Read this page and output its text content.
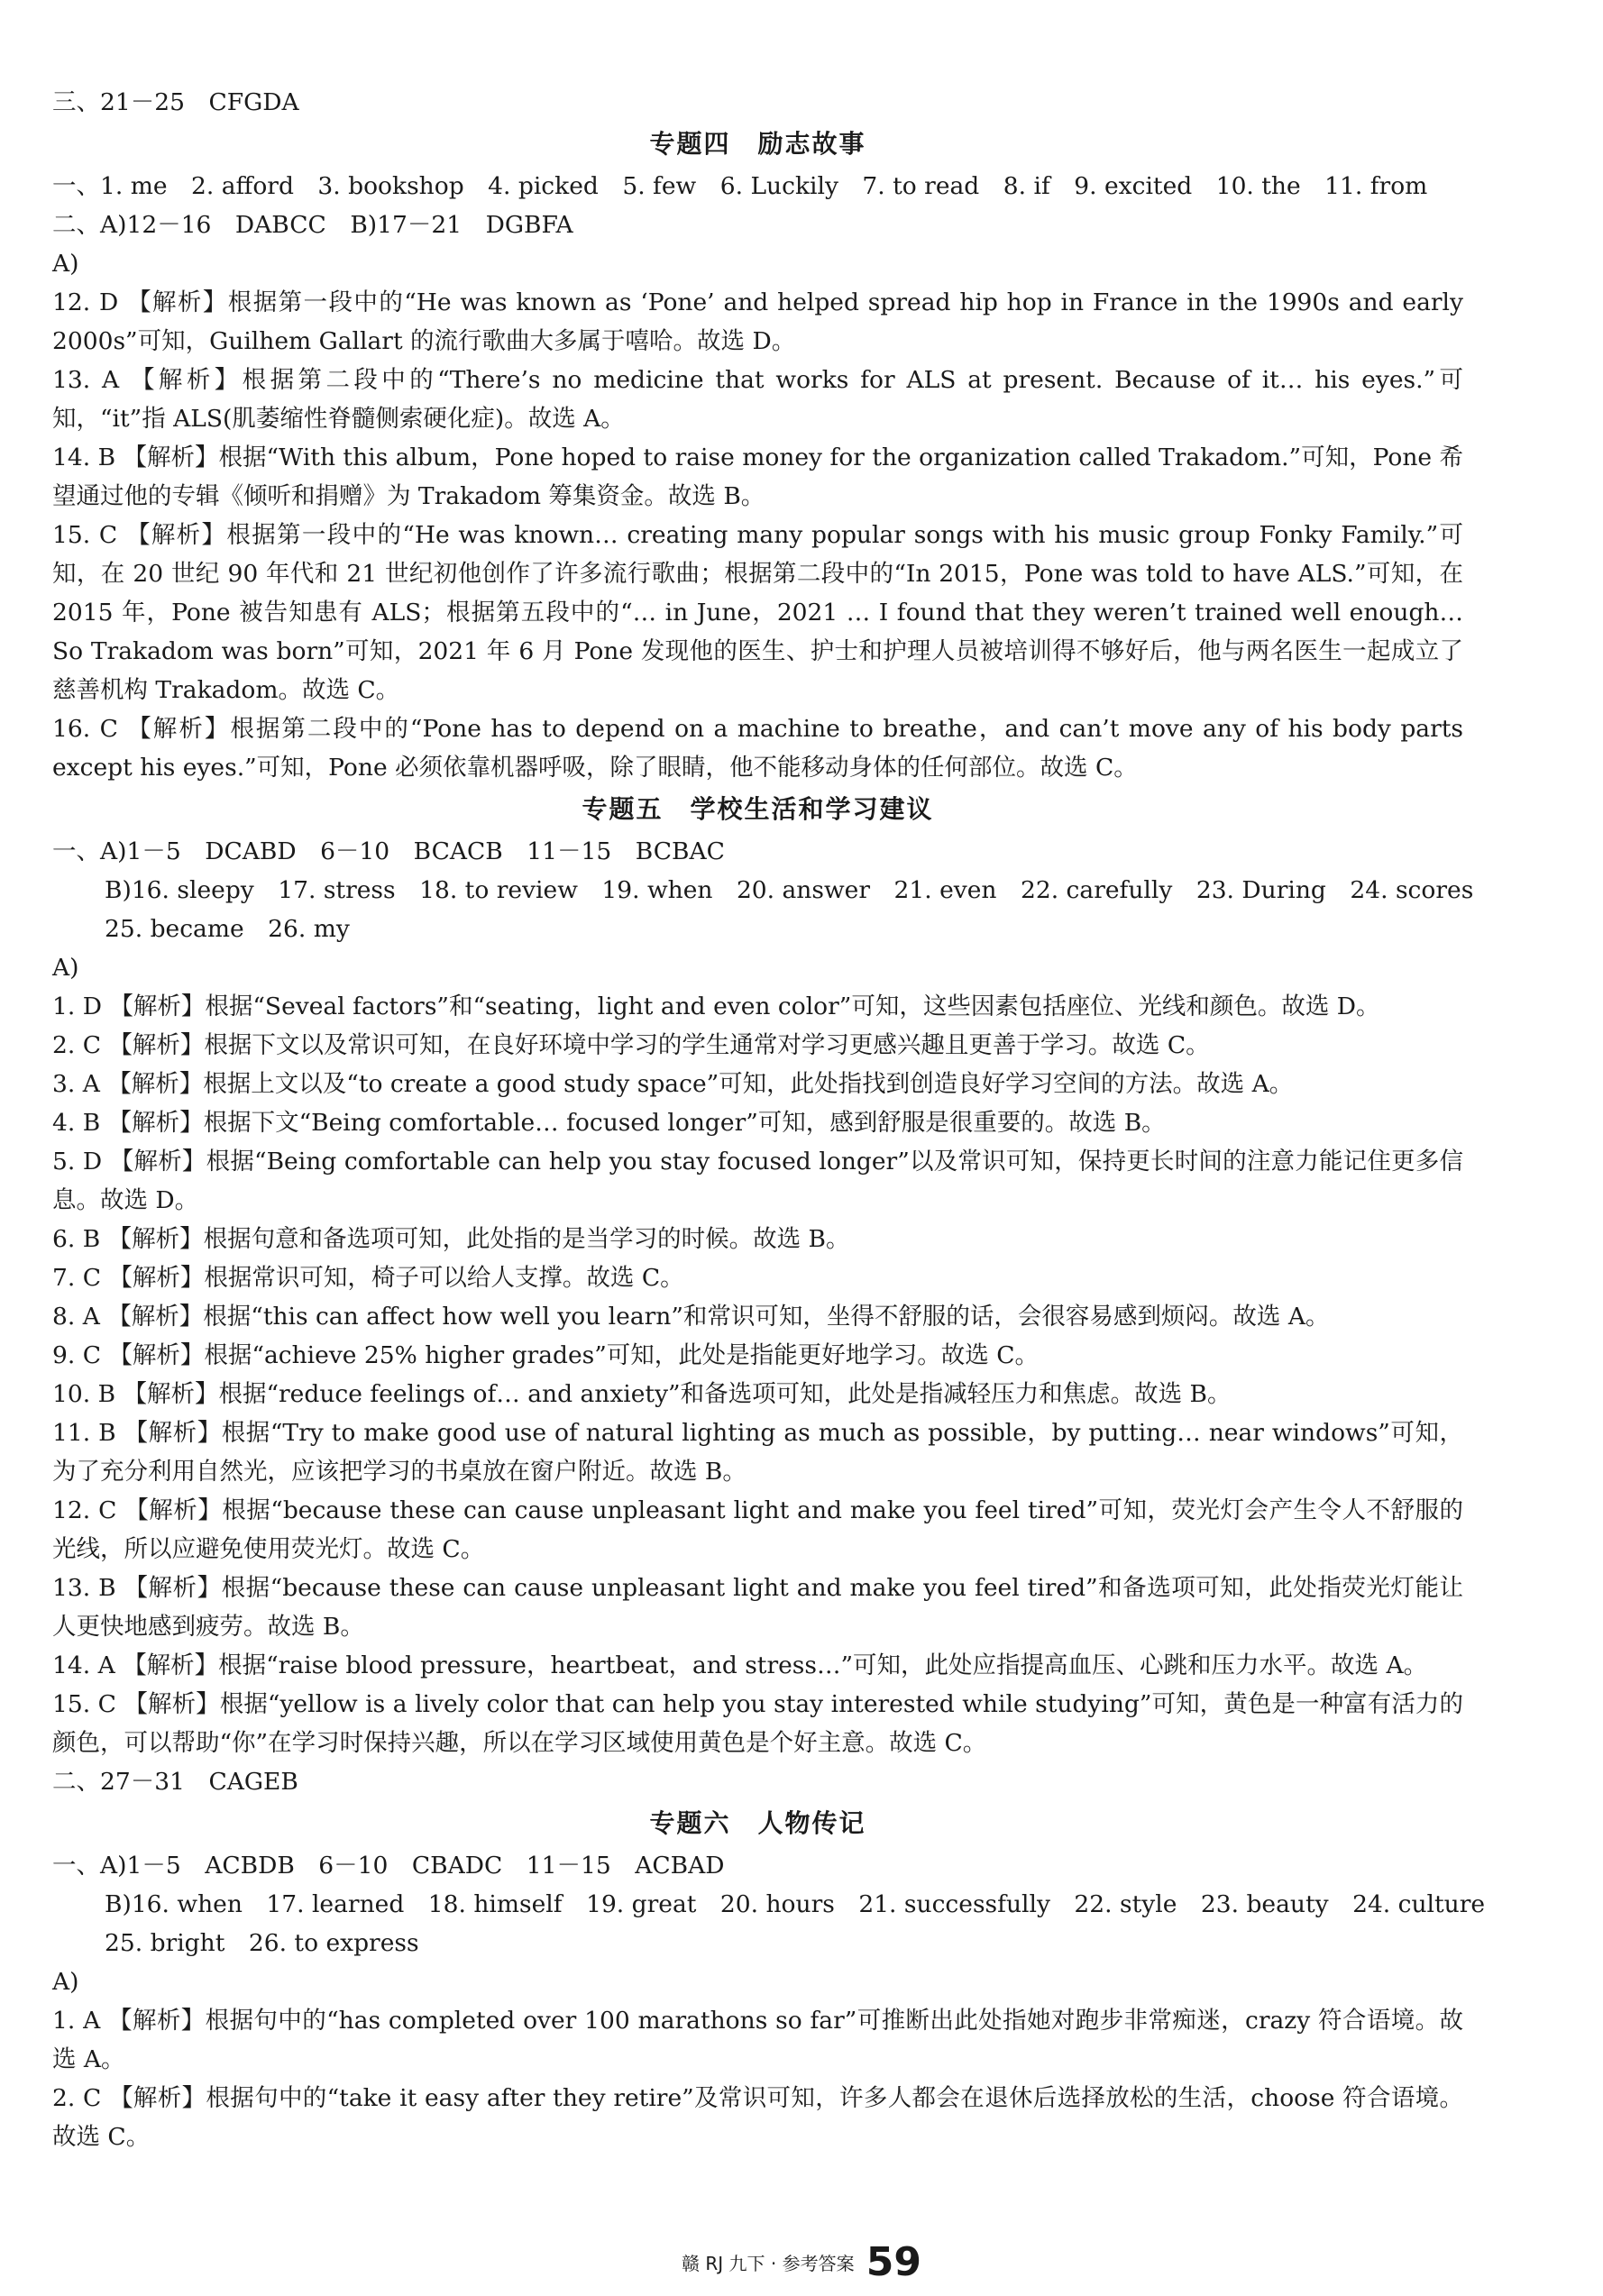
三、21－25　CFGDA
专题四　励志故事
一、1. me　2. afford　3. bookshop　4. picked　5. few　6. Luckily　7. to read　8. if　9. excited　10. the　11. from
二、A)12－16　DABCC　B)17－21　DGBFA
A)
12. D 【解析】根据第一段中的“He was known as ‘Pone’ and helped spread hip hop in France in the 1990s and early 2000s”可知，Guilhem Gallart 的流行歌曲大多属于嘻哈。故选 D。
13. A 【解析】根据第二段中的“There’s no medicine that works for ALS at present. Because of it… his eyes.”可知，“it”指 ALS(肌萎缩性脊髓侧索硬化症)。故选 A。
14. B 【解析】根据“With this album，Pone hoped to raise money for the organization called Trakadom.”可知，Pone 希望通过他的专辑《倾听和捐赠》为 Trakadom 筹集资金。故选 B。
15. C 【解析】根据第一段中的“He was known… creating many popular songs with his music group Fonky Family.”可知，在 20 世纪 90 年代和 21 世纪初他创作了许多流行歌曲；根据第二段中的“In 2015，Pone was told to have ALS.”可知，在 2015 年，Pone 被告知患有 ALS；根据第五段中的“… in June，2021 … I found that they weren’t trained well enough… So Trakadom was born”可知，2021 年 6 月 Pone 发现他的医生、护士和护理人员被培训得不够好后，他与两名医生一起成立了慈善机构 Trakadom。故选 C。
16. C 【解析】根据第二段中的“Pone has to depend on a machine to breathe，and can’t move any of his body parts except his eyes.”可知，Pone 必须依靠机器呼吸，除了眼睛，他不能移动身体的任何部位。故选 C。
专题五　学校生活和学习建议
一、A)1－5　DCABD　6－10　BCACB　11－15　BCBAC
B)16. sleepy　17. stress　18. to review　19. when　20. answer　21. even　22. carefully　23. During　24. scores
25. became　26. my
A)
1. D 【解析】根据“Seveal factors”和“seating，light and even color”可知，这些因素包括座位、光线和颜色。故选 D。
2. C 【解析】根据下文以及常识可知，在良好环境中学习的学生通常对学习更感兴趣且更善于学习。故选 C。
3. A 【解析】根据上文以及“to create a good study space”可知，此处指找到创造良好学习空间的方法。故选 A。
4. B 【解析】根据下文“Being comfortable… focused longer”可知，感到舒服是很重要的。故选 B。
5. D 【解析】根据“Being comfortable can help you stay focused longer”以及常识可知，保持更长时间的注意力能记住更多信息。故选 D。
6. B 【解析】根据句意和备选项可知，此处指的是当学习的时候。故选 B。
7. C 【解析】根据常识可知，椅子可以给人支撑。故选 C。
8. A 【解析】根据“this can affect how well you learn”和常识可知，坐得不舒服的话，会很容易感到烦闷。故选 A。
9. C 【解析】根据“achieve 25% higher grades”可知，此处是指能更好地学习。故选 C。
10. B 【解析】根据“reduce feelings of… and anxiety”和备选项可知，此处是指减轻压力和焦虑。故选 B。
11. B 【解析】根据“Try to make good use of natural lighting as much as possible，by putting… near windows”可知，为了充分利用自然光，应该把学习的书桌放在窗户附近。故选 B。
12. C 【解析】根据“because these can cause unpleasant light and make you feel tired”可知，荧光灯会产生令人不舒服的光线，所以应避免使用荧光灯。故选 C。
13. B 【解析】根据“because these can cause unpleasant light and make you feel tired”和备选项可知，此处指荧光灯能让人更快地感到疲劳。故选 B。
14. A 【解析】根据“raise blood pressure，heartbeat，and stress…”可知，此处应指提高血压、心跳和压力水平。故选 A。
15. C 【解析】根据“yellow is a lively color that can help you stay interested while studying”可知，黄色是一种富有活力的颜色，可以帮助“你”在学习时保持兴趣，所以在学习区域使用黄色是个好主意。故选 C。
二、27－31　CAGEB
专题六　人物传记
一、A)1－5　ACBDB　6－10　CBADC　11－15　ACBAD
B)16. when　17. learned　18. himself　19. great　20. hours　21. successfully　22. style　23. beauty　24. culture
25. bright　26. to express
A)
1. A 【解析】根据句中的“has completed over 100 marathons so far”可推断出此处指她对跑步非常痴迷，crazy 符合语境。故选 A。
2. C 【解析】根据句中的“take it easy after they retire”及常识可知，许多人都会在退休后选择放松的生活，choose 符合语境。故选 C。
赣 RJ 九下 · 参考答案 59
